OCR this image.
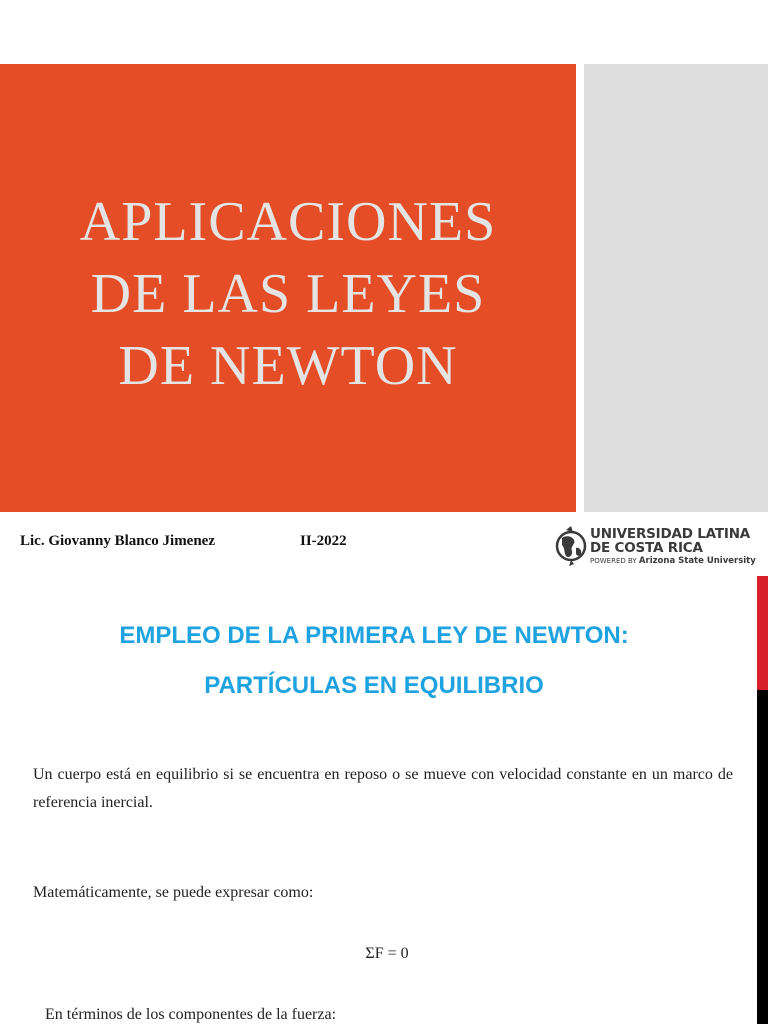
APLICACIONES
DE LAS LEYES
DE NEWTON
Lic. Giovanny Blanco Jimenez	II-2022	UNIVERSIDAD LATINA
DE COSTA RICA
POWERED BY Arizona State University
EMPLEO DE LA PRIMERA LEY DE NEWTON:
PARTÍCULAS EN EQUILIBRIO
Un cuerpo está en equilibrio si se encuentra en reposo o se mueve con velocidad constante en un marco de referencia inercial.
Matemáticamente, se puede expresar como:
ΣF = 0
En términos de los componentes de la fuerza:
